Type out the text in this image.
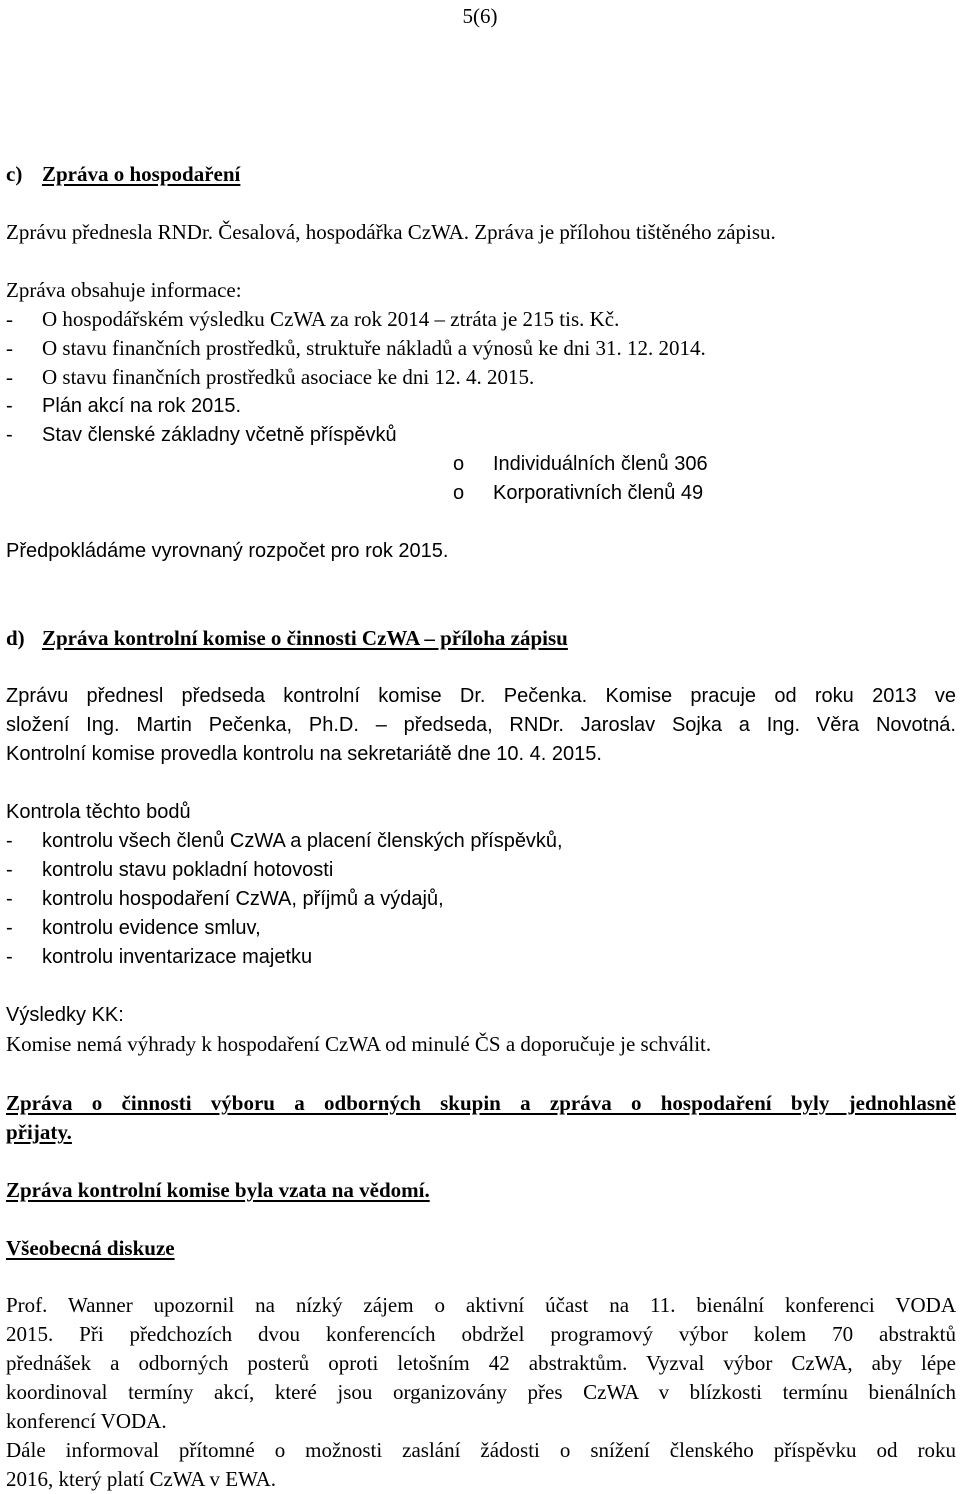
5(6)
c) Zpráva o hospodaření
Zprávu přednesla RNDr. Česalová, hospodářka CzWA. Zpráva je přílohou tištěného zápisu.
Zpráva obsahuje informace:
-	O hospodářském výsledku CzWA za rok 2014 – ztráta je 215 tis. Kč.
-	O stavu finančních prostředků, struktuře nákladů a výnosů ke dni 31. 12. 2014.
-	O stavu finančních prostředků asociace ke dni 12. 4. 2015.
-	Plán akcí na rok 2015.
-	Stav členské základny včetně příspěvků
o	Individuálních členů 306
o	Korporativních členů 49
Předpokládáme vyrovnaný rozpočet pro rok 2015.
d) Zpráva kontrolní komise o činnosti CzWA – příloha zápisu
Zprávu přednesl předseda kontrolní komise Dr. Pečenka. Komise pracuje od roku 2013 ve
složení Ing. Martin Pečenka, Ph.D. – předseda, RNDr. Jaroslav Sojka a Ing. Věra Novotná.
Kontrolní komise provedla kontrolu na sekretariátě dne 10. 4. 2015.
Kontrola těchto bodů
-	kontrolu všech členů CzWA a placení členských příspěvků,
-	kontrolu stavu pokladní hotovosti
-	kontrolu hospodaření CzWA, příjmů a výdajů,
-	kontrolu evidence smluv,
-	kontrolu inventarizace majetku
Výsledky KK:
Komise nemá výhrady k hospodaření CzWA od minulé ČS a doporučuje je schválit.
Zpráva o činnosti výboru a odborných skupin a zpráva o hospodaření byly jednohlasně
přijaty.
Zpráva kontrolní komise byla vzata na vědomí.
Všeobecná diskuze
Prof. Wanner upozornil na nízký zájem o aktivní účast na 11. bienální konferenci VODA
2015. Při předchozích dvou konferencích obdržel programový výbor kolem 70 abstraktů
přednášek a odborných posterů oproti letošním 42 abstraktům. Vyzval výbor CzWA, aby lépe
koordinoval termíny akcí, které jsou organizovány přes CzWA v blízkosti termínu bienálních
konferencí VODA.
Dále informoval přítomné o možnosti zaslání žádosti o snížení členského příspěvku od roku
2016, který platí CzWA v EWA.
